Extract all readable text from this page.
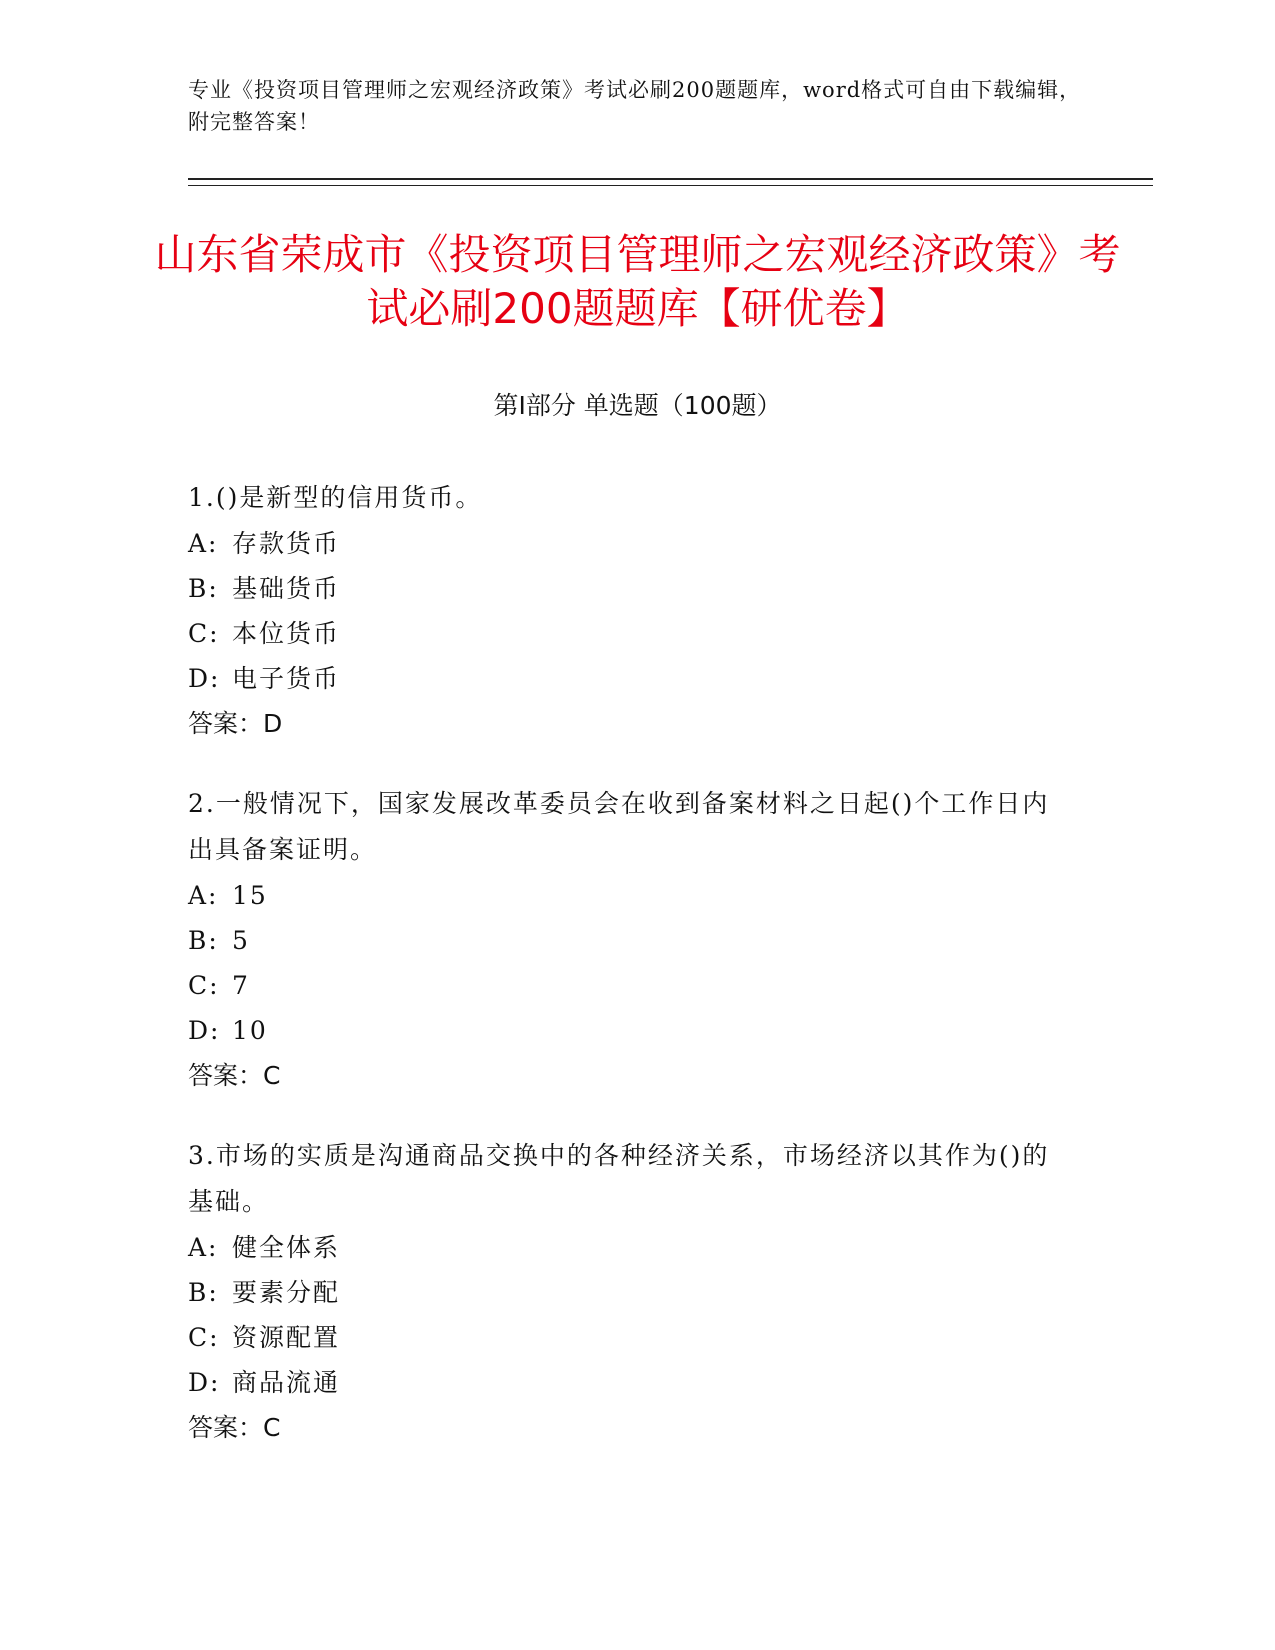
专业《投资项目管理师之宏观经济政策》考试必刷200题题库，word格式可自由下载编辑，附完整答案！
山东省荣成市《投资项目管理师之宏观经济政策》考试必刷200题题库【研优卷】
第I部分 单选题（100题）
1.()是新型的信用货币。
A: 存款货币
B: 基础货币
C: 本位货币
D: 电子货币
答案：D
2.一般情况下，国家发展改革委员会在收到备案材料之日起()个工作日内出具备案证明。
A: 15
B: 5
C: 7
D: 10
答案：C
3.市场的实质是沟通商品交换中的各种经济关系，市场经济以其作为()的基础。
A: 健全体系
B: 要素分配
C: 资源配置
D: 商品流通
答案：C
